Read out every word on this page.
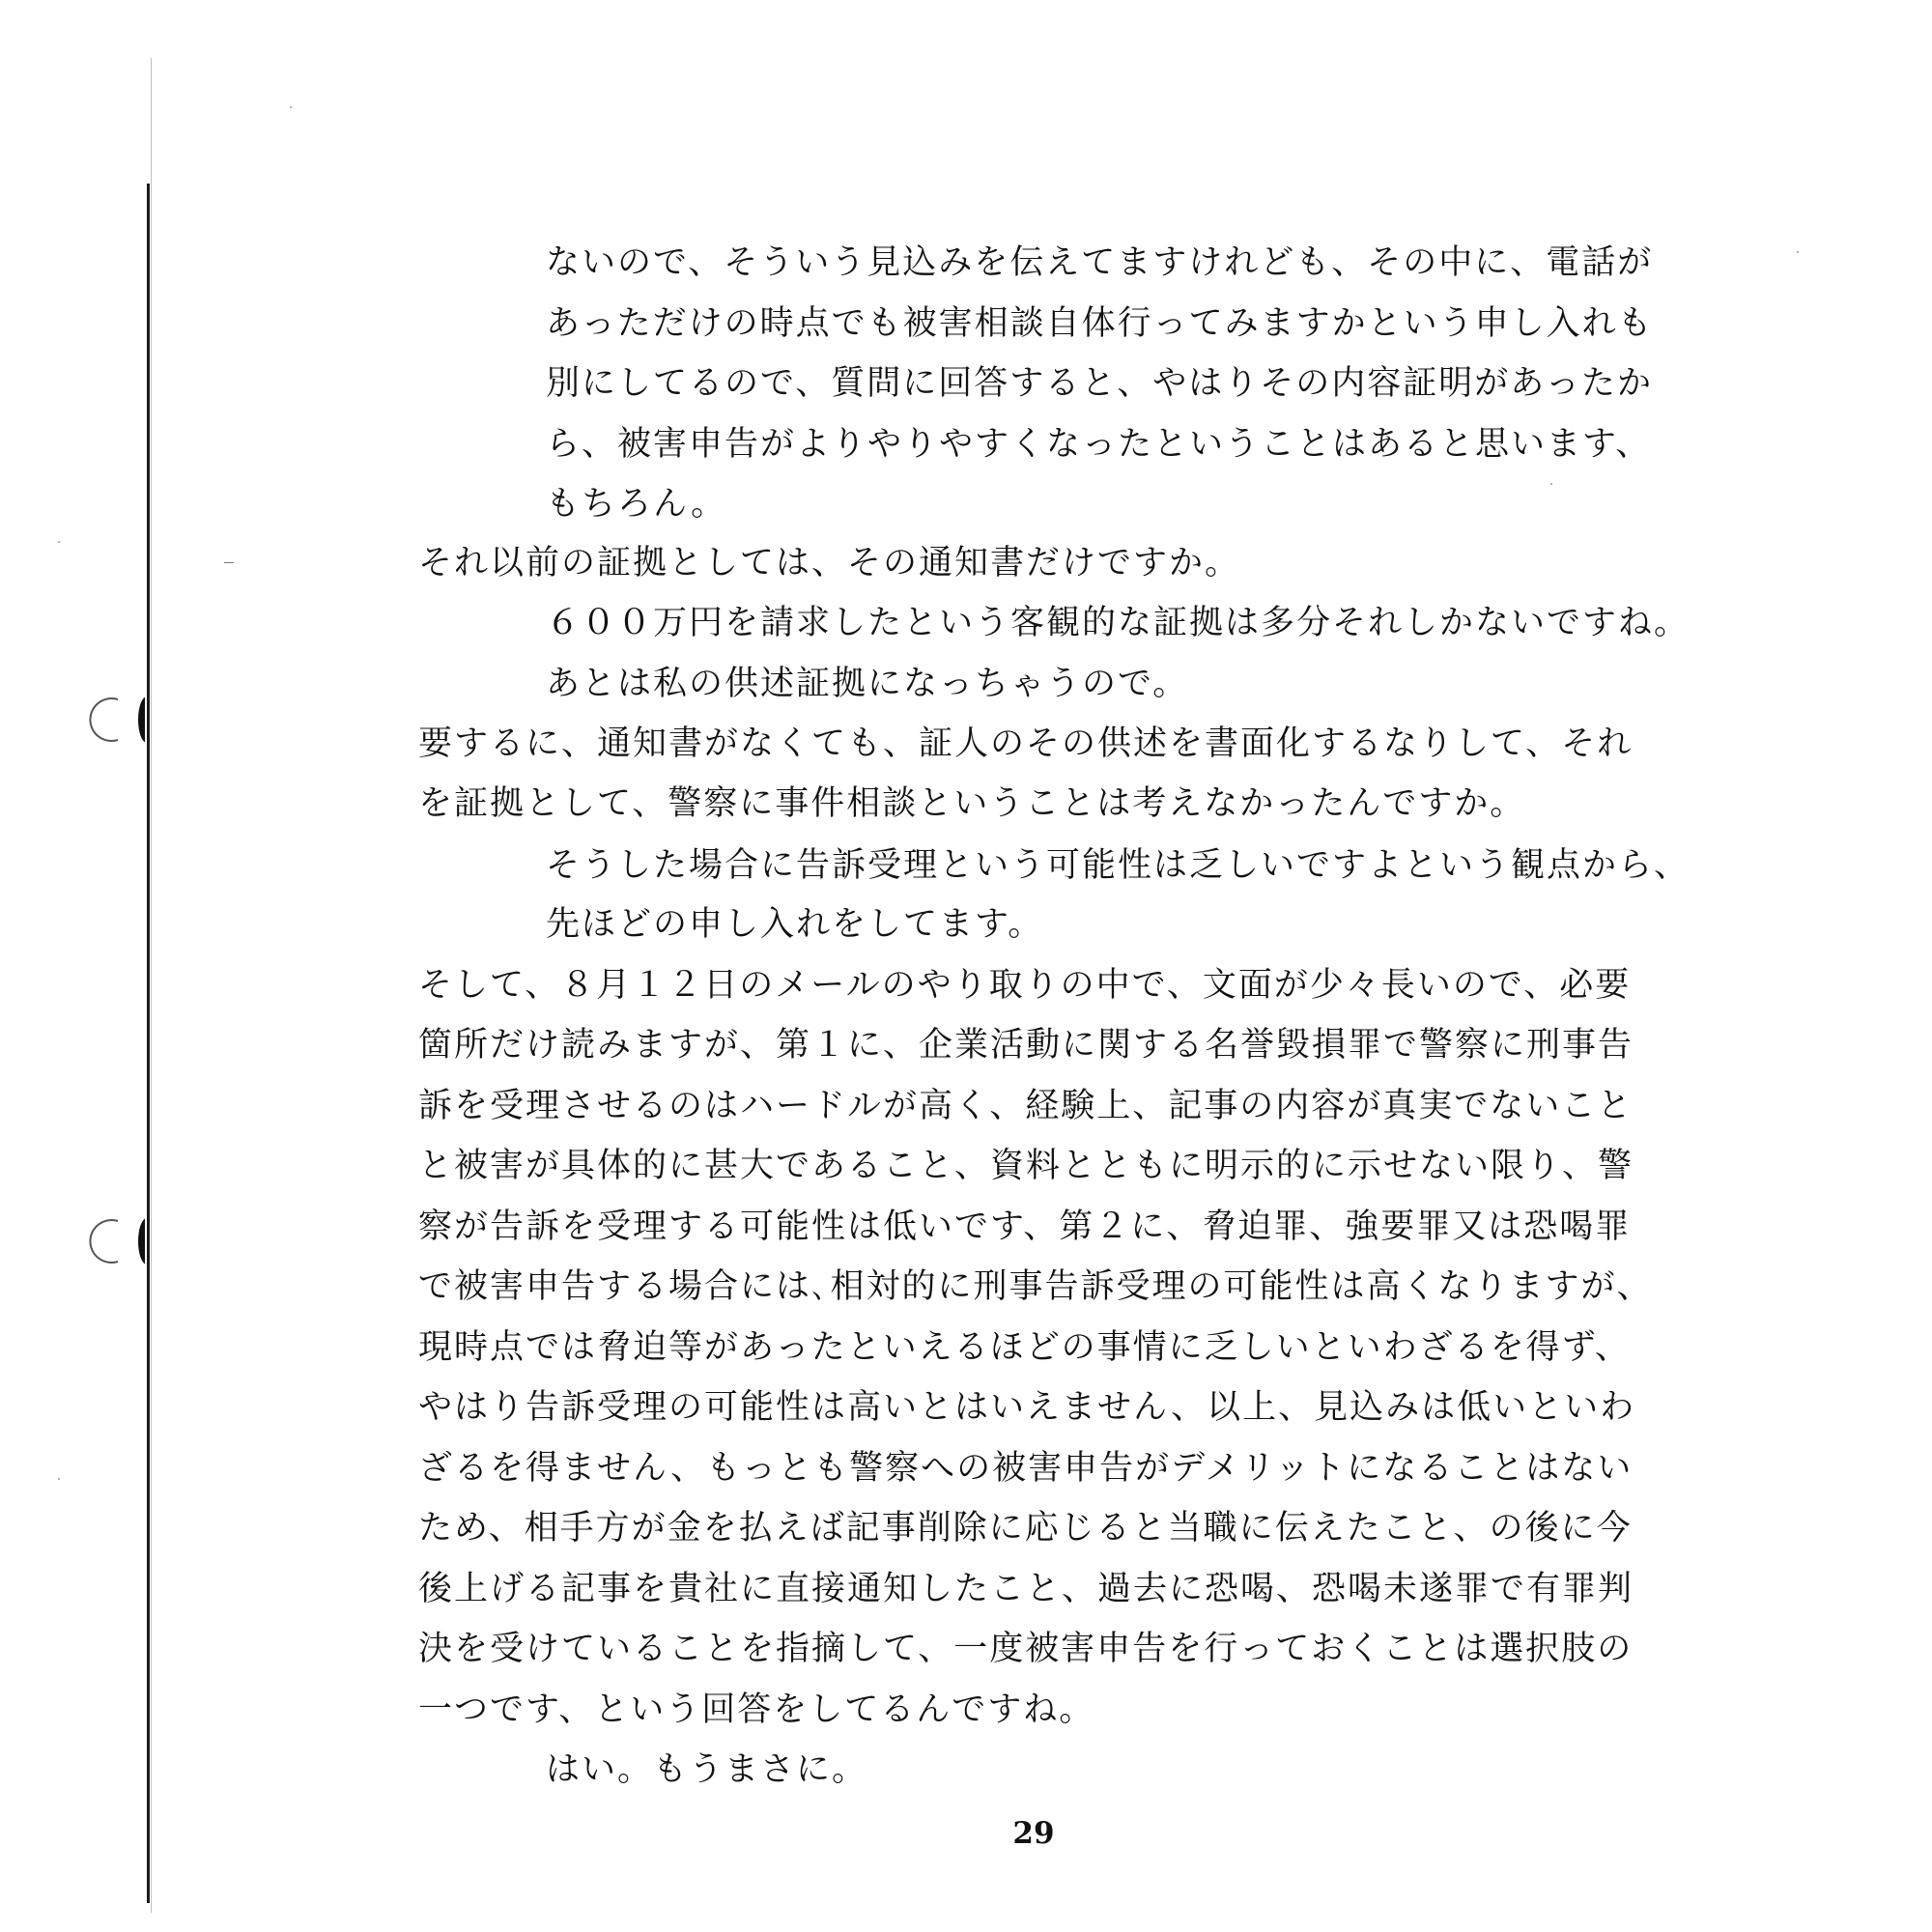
ないので、そういう見込みを伝えてますけれども、その中に、電話が
あっただけの時点でも被害相談自体行ってみますかという申し入れも
別にしてるので、質問に回答すると、やはりその内容証明があったか
ら、被害申告がよりやりやすくなったということはあると思います、
もちろん。
それ以前の証拠としては、その通知書だけですか。
６００万円を請求したという客観的な証拠は多分それしかないですね。
あとは私の供述証拠になっちゃうので。
要するに、通知書がなくても、証人のその供述を書面化するなりして、それ
を証拠として、警察に事件相談ということは考えなかったんですか。
そうした場合に告訴受理という可能性は乏しいですよという観点から、
先ほどの申し入れをしてます。
そして、８月１２日のメールのやり取りの中で、文面が少々長いので、必要
箇所だけ読みますが、第１に、企業活動に関する名誉毀損罪で警察に刑事告
訴を受理させるのはハードルが高く、経験上、記事の内容が真実でないこと
と被害が具体的に甚大であること、資料とともに明示的に示せない限り、警
察が告訴を受理する可能性は低いです、第２に、脅迫罪、強要罪又は恐喝罪
で被害申告する場合には､相対的に刑事告訴受理の可能性は高くなりますが、
現時点では脅迫等があったといえるほどの事情に乏しいといわざるを得ず、
やはり告訴受理の可能性は高いとはいえません、以上、見込みは低いといわ
ざるを得ません、もっとも警察への被害申告がデメリットになることはない
ため、相手方が金を払えば記事削除に応じると当職に伝えたこと、の後に今
後上げる記事を貴社に直接通知したこと、過去に恐喝、恐喝未遂罪で有罪判
決を受けていることを指摘して、一度被害申告を行っておくことは選択肢の
一つです、という回答をしてるんですね。
はい。もうまさに。
29
